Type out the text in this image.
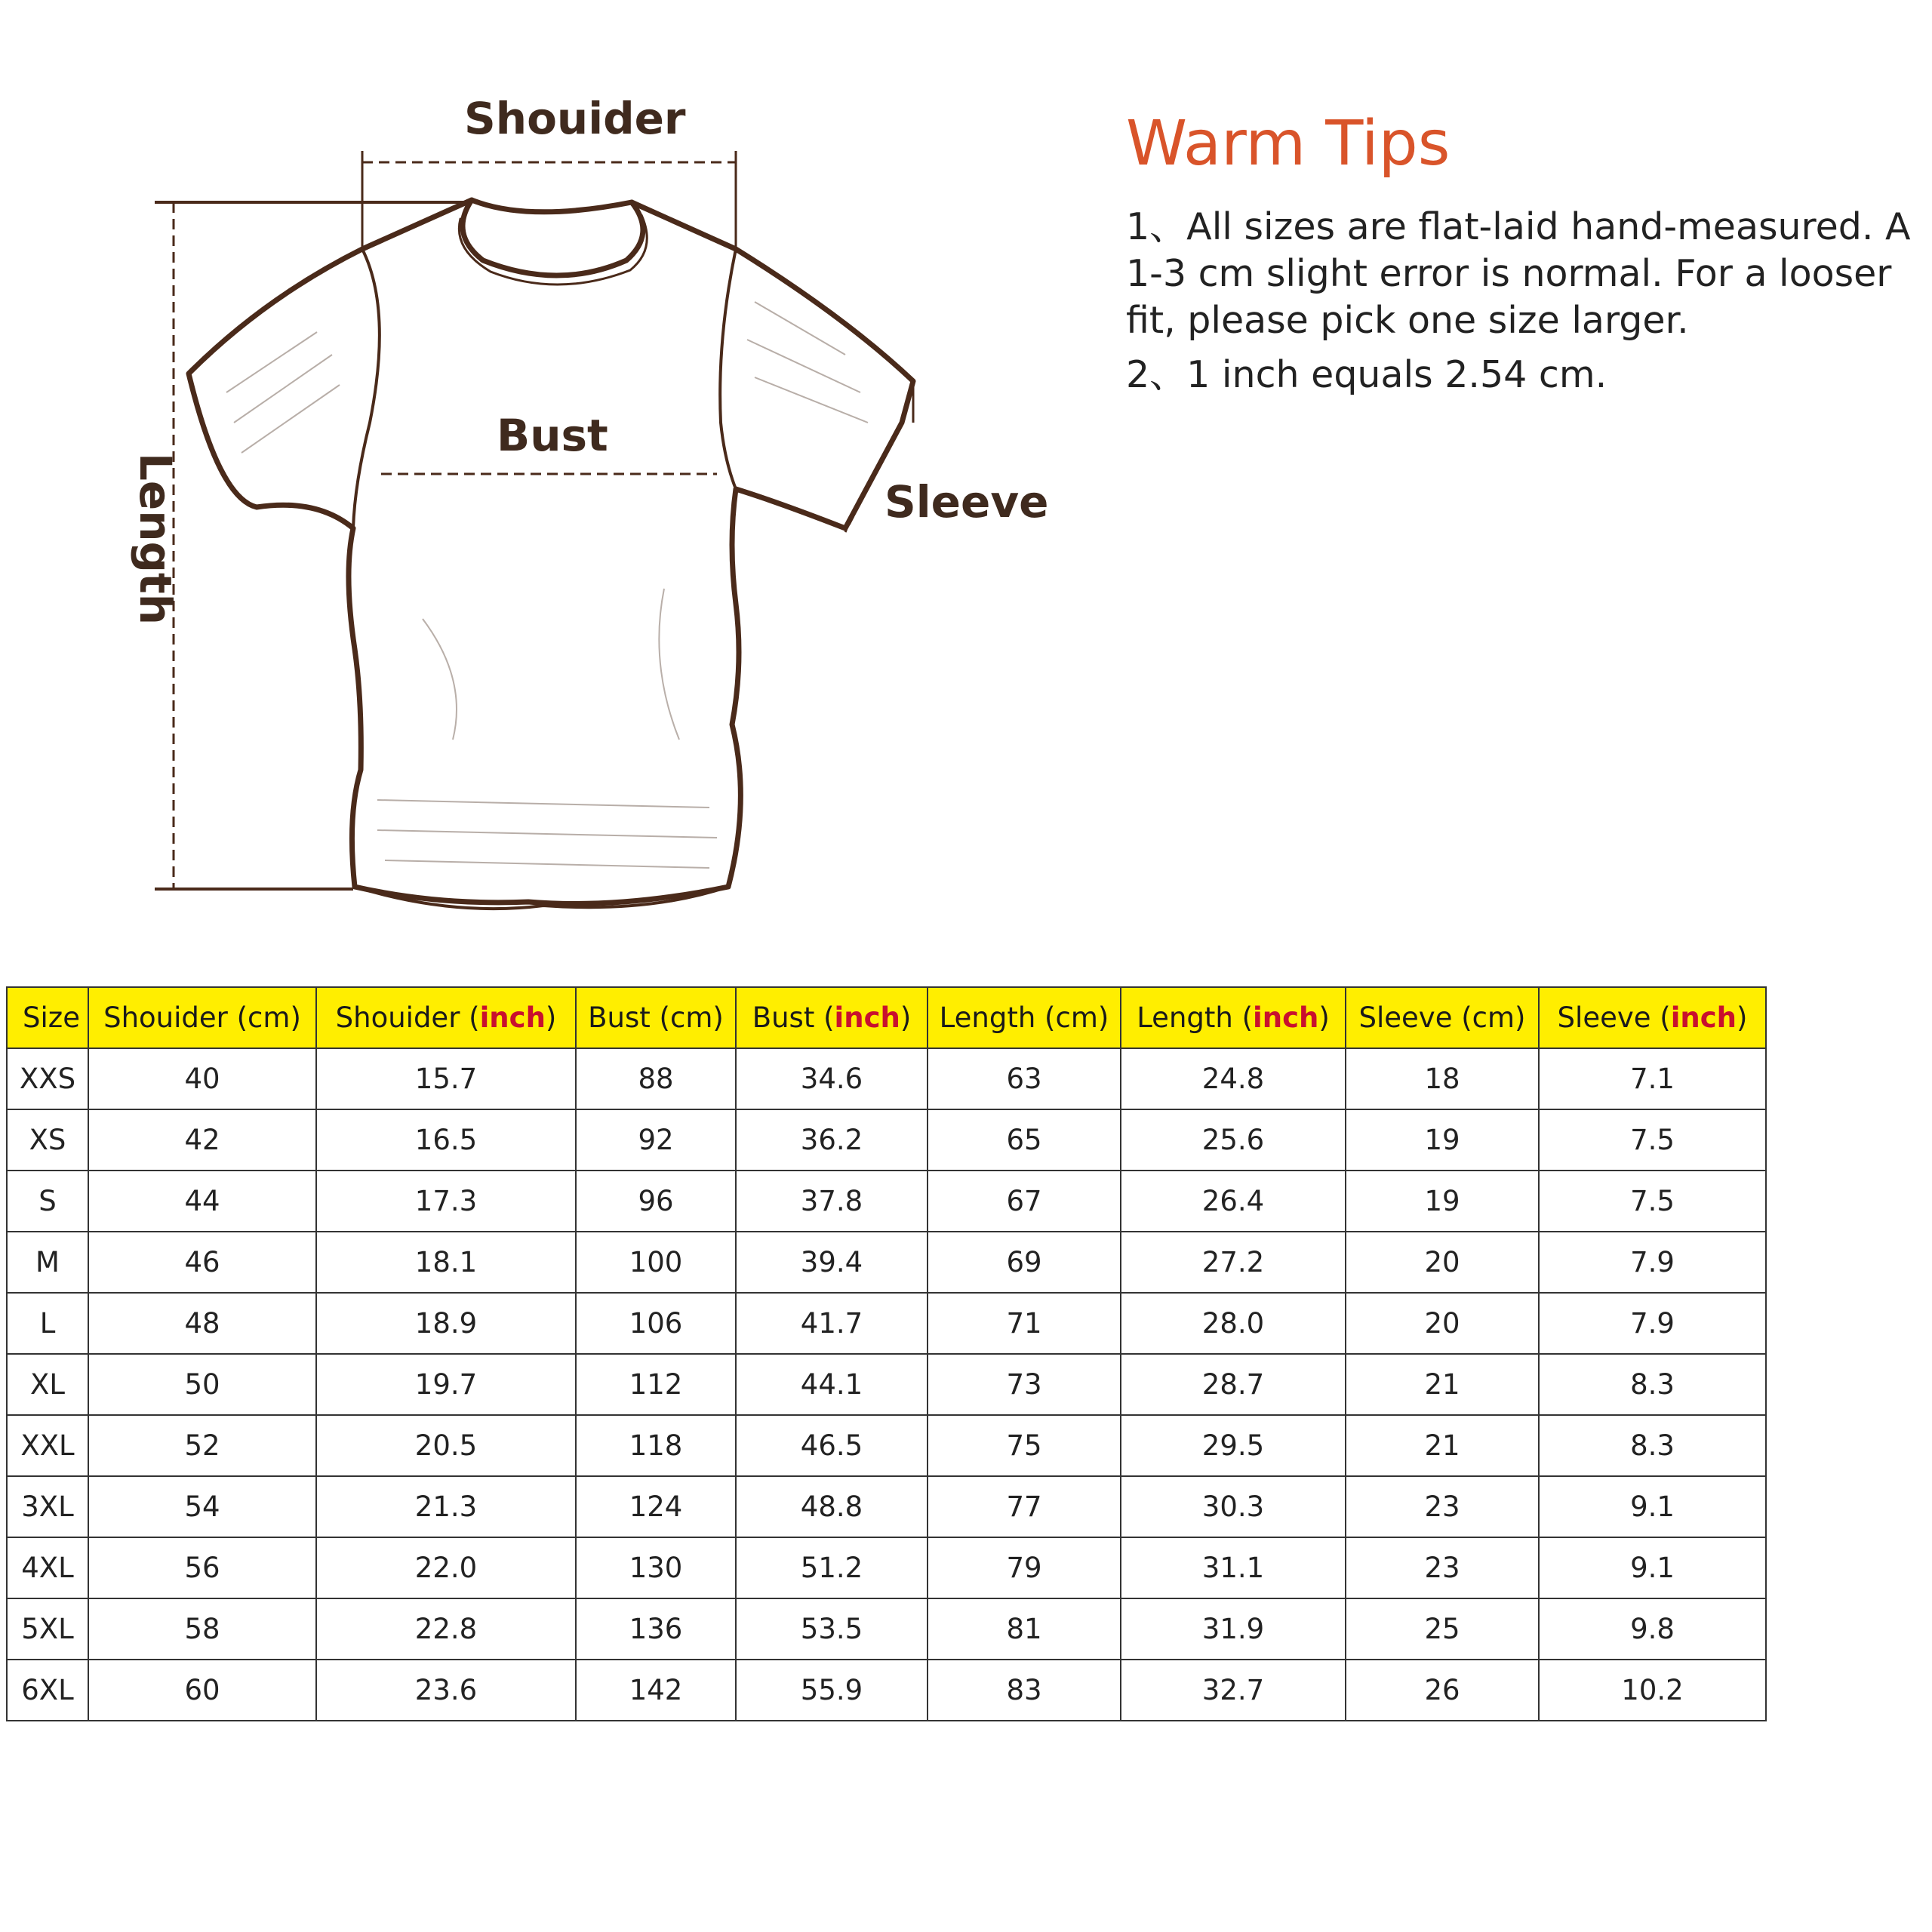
Shouider
Bust
Sleeve
Length
Warm Tips

1、All sizes are flat-laid hand-measured. A 1-3 cm slight error is normal. For a looser fit, please pick one size larger.

2、1 inch equals 2.54 cm.

Size	Shouider (cm)	Shouider (inch)	Bust (cm)	Bust (inch)	Length (cm)	Length (inch)	Sleeve (cm)	Sleeve (inch)
XXS	40	15.7	88	34.6	63	24.8	18	7.1
XS	42	16.5	92	36.2	65	25.6	19	7.5
S	44	17.3	96	37.8	67	26.4	19	7.5
M	46	18.1	100	39.4	69	27.2	20	7.9
L	48	18.9	106	41.7	71	28.0	20	7.9
XL	50	19.7	112	44.1	73	28.7	21	8.3
XXL	52	20.5	118	46.5	75	29.5	21	8.3
3XL	54	21.3	124	48.8	77	30.3	23	9.1
4XL	56	22.0	130	51.2	79	31.1	23	9.1
5XL	58	22.8	136	53.5	81	31.9	25	9.8
6XL	60	23.6	142	55.9	83	32.7	26	10.2
